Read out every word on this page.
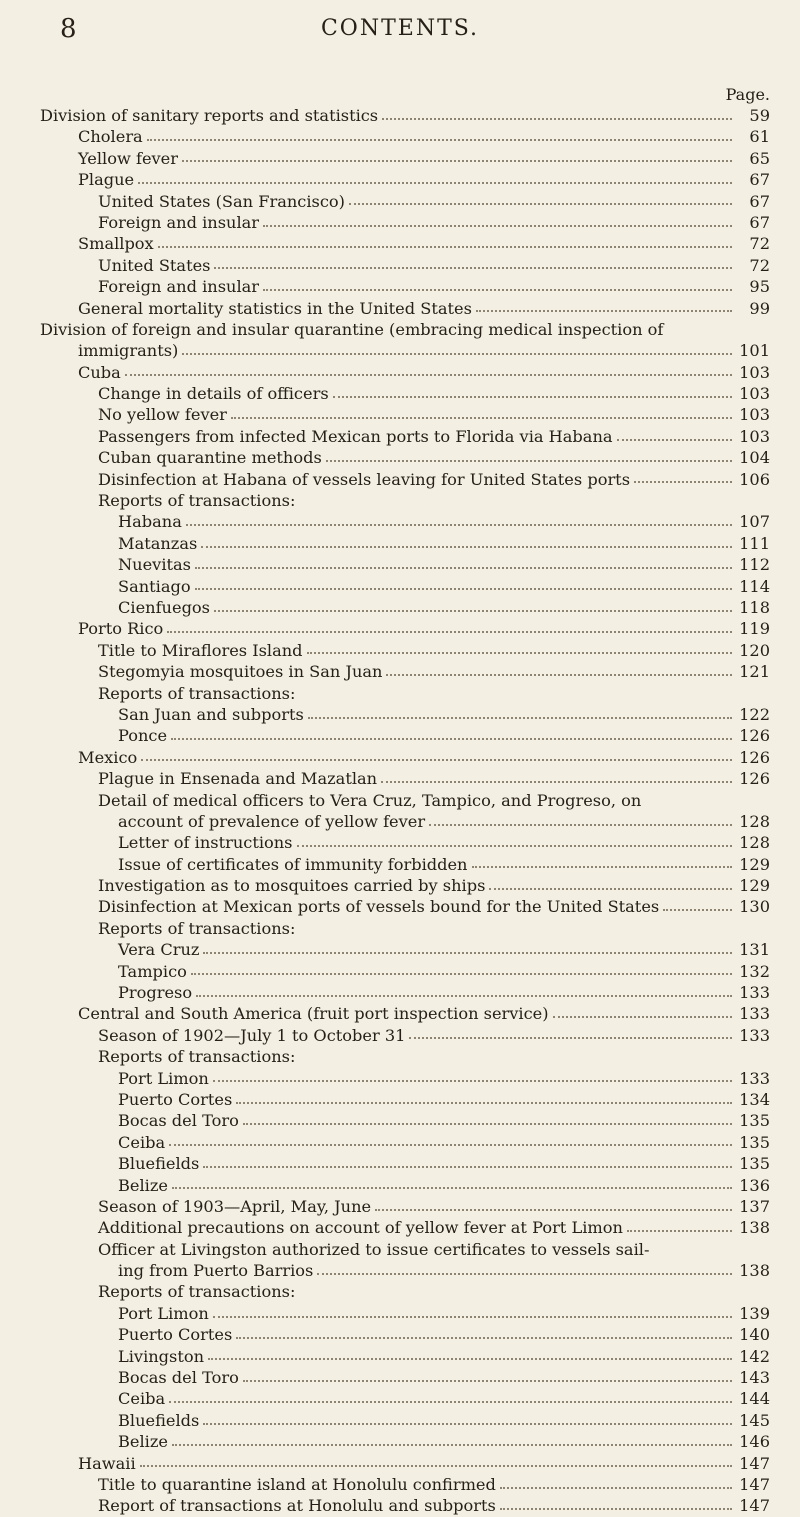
8	CONTENTS.
Page.
Division of sanitary reports and statistics	59
Cholera	61
Yellow fever	65
Plague	67
United States (San Francisco)	67
Foreign and insular	67
Smallpox	72
United States	72
Foreign and insular	95
General mortality statistics in the United States	99
Division of foreign and insular quarantine (embracing medical inspection of
immigrants)	101
Cuba	103
Change in details of officers	103
No yellow fever	103
Passengers from infected Mexican ports to Florida via Habana	103
Cuban quarantine methods	104
Disinfection at Habana of vessels leaving for United States ports	106
Reports of transactions:
Habana	107
Matanzas	111
Nuevitas	112
Santiago	114
Cienfuegos	118
Porto Rico	119
Title to Miraflores Island	120
Stegomyia mosquitoes in San Juan	121
Reports of transactions:
San Juan and subports	122
Ponce	126
Mexico	126
Plague in Ensenada and Mazatlan	126
Detail of medical officers to Vera Cruz, Tampico, and Progreso, on
account of prevalence of yellow fever	128
Letter of instructions	128
Issue of certificates of immunity forbidden	129
Investigation as to mosquitoes carried by ships	129
Disinfection at Mexican ports of vessels bound for the United States	130
Reports of transactions:
Vera Cruz	131
Tampico	132
Progreso	133
Central and South America (fruit port inspection service)	133
Season of 1902—July 1 to October 31	133
Reports of transactions:
Port Limon	133
Puerto Cortes	134
Bocas del Toro	135
Ceiba	135
Bluefields	135
Belize	136
Season of 1903—April, May, June	137
Additional precautions on account of yellow fever at Port Limon	138
Officer at Livingston authorized to issue certificates to vessels sail-
ing from Puerto Barrios	138
Reports of transactions:
Port Limon	139
Puerto Cortes	140
Livingston	142
Bocas del Toro	143
Ceiba	144
Bluefields	145
Belize	146
Hawaii	147
Title to quarantine island at Honolulu confirmed	147
Report of transactions at Honolulu and subports	147
